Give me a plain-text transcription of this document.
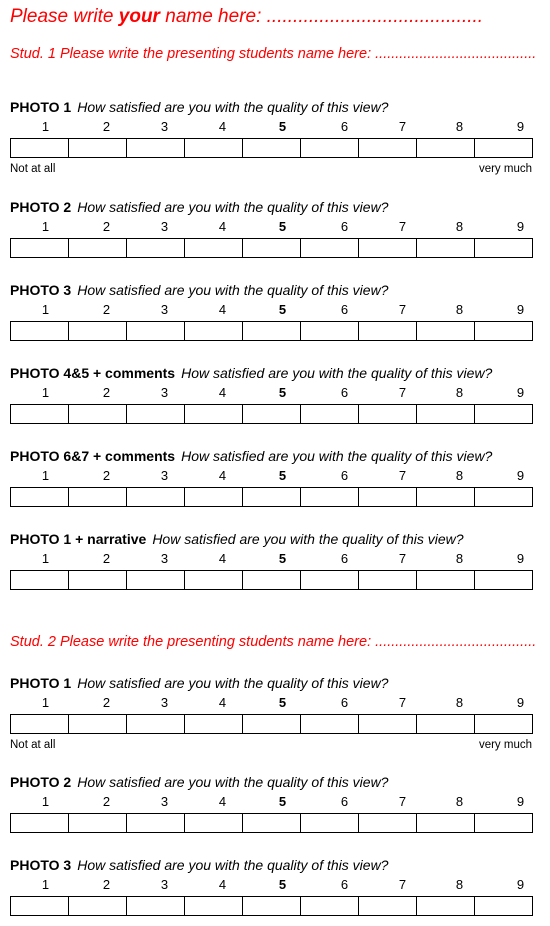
Please write your name here: .........................................
Stud. 1 Please write the presenting students name here: ........................................
PHOTO 1 How satisfied are you with the quality of this view?
1	2	3	4	5	6	7	8	9
Not at all	very much
PHOTO 2 How satisfied are you with the quality of this view?
1	2	3	4	5	6	7	8	9
PHOTO 3 How satisfied are you with the quality of this view?
1	2	3	4	5	6	7	8	9
PHOTO 4&5 + comments How satisfied are you with the quality of this view?
1	2	3	4	5	6	7	8	9
PHOTO 6&7 + comments How satisfied are you with the quality of this view?
1	2	3	4	5	6	7	8	9
PHOTO 1 + narrative How satisfied are you with the quality of this view?
1	2	3	4	5	6	7	8	9
Stud. 2 Please write the presenting students name here: ........................................
PHOTO 1 How satisfied are you with the quality of this view?
1	2	3	4	5	6	7	8	9
Not at all	very much
PHOTO 2 How satisfied are you with the quality of this view?
1	2	3	4	5	6	7	8	9
PHOTO 3 How satisfied are you with the quality of this view?
1	2	3	4	5	6	7	8	9
